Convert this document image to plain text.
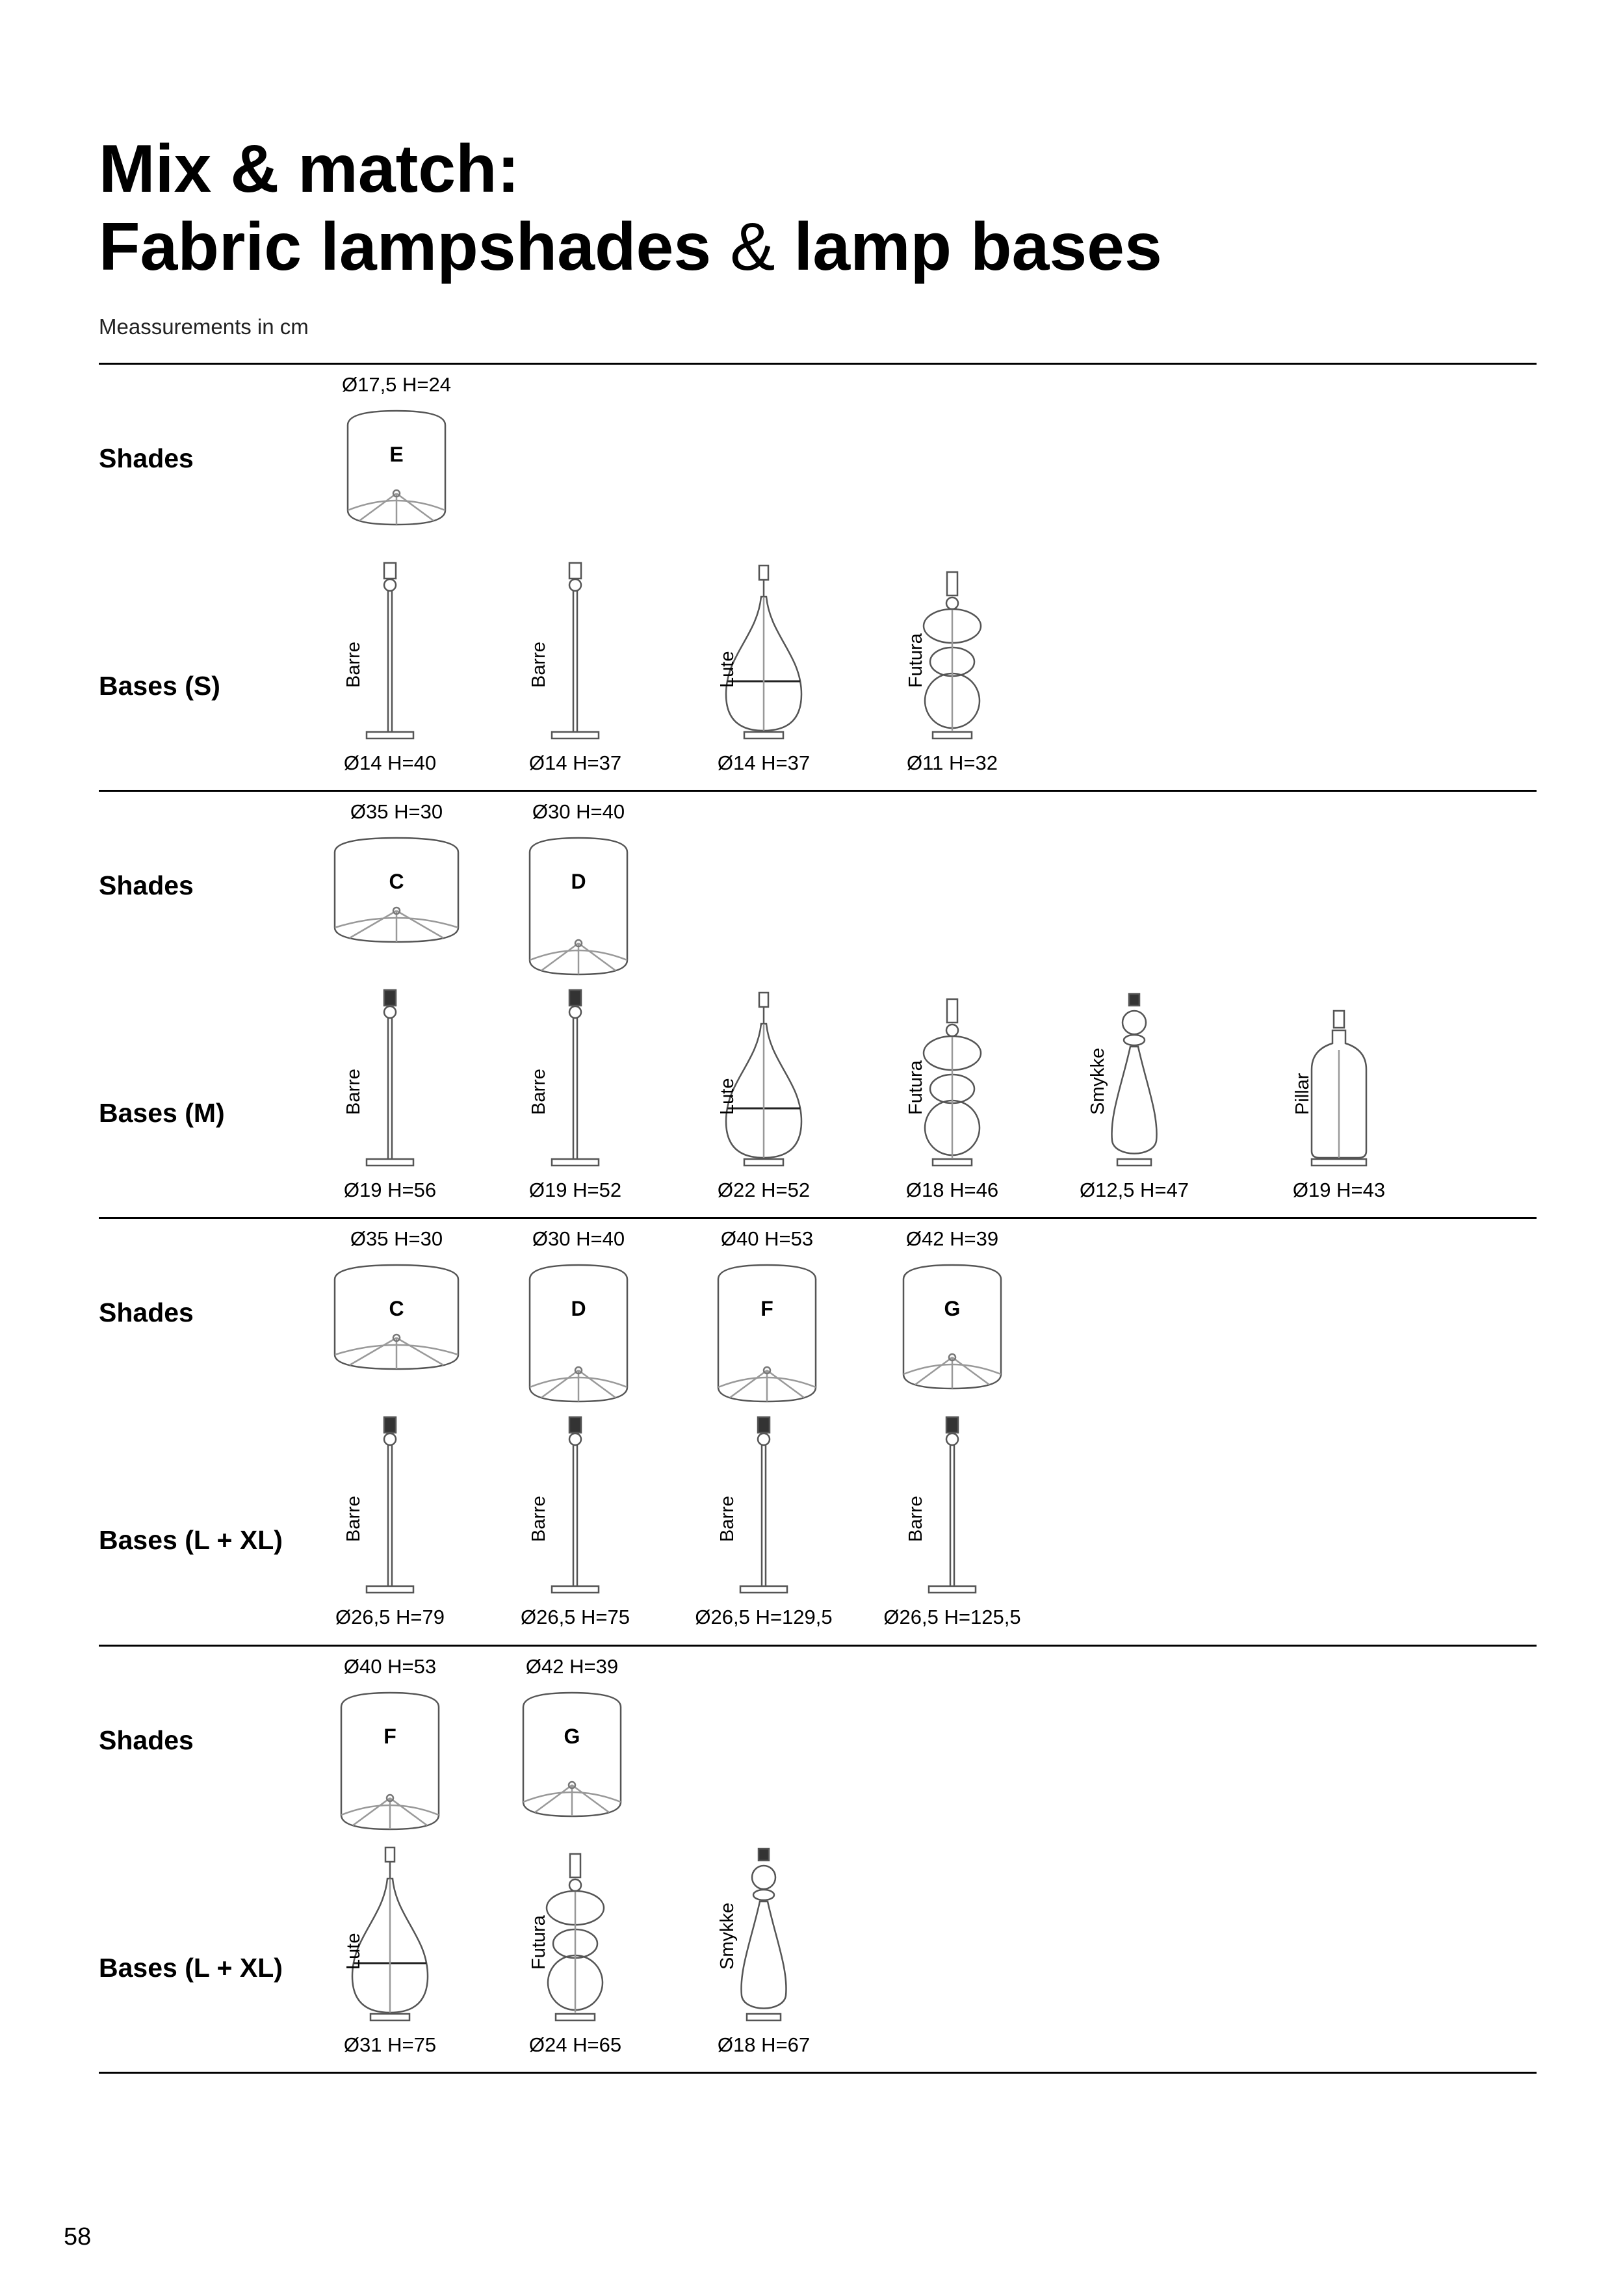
Mix & match:
Fabric lampshades & lamp bases
Meassurements in cm
Shades
Bases (S)
Ø17,5 H=24
E
Ø14 H=40
Barre
Ø14 H=37
Barre
Ø14 H=37
Lute
Ø11 H=32
Futura
Shades
Bases (M)
Ø35 H=30
C
Ø30 H=40
D
Ø19 H=56
Barre
Ø19 H=52
Barre
Ø22 H=52
Lute
Ø18 H=46
Futura
Ø12,5 H=47
Smykke
Ø19 H=43
Pillar
Shades
Bases (L + XL)
Ø35 H=30
C
Ø30 H=40
D
Ø40 H=53
F
Ø42 H=39
G
Ø26,5 H=79
Barre
Ø26,5 H=75
Barre
Ø26,5 H=129,5
Barre
Ø26,5 H=125,5
Barre
Shades
Bases (L + XL)
Ø40 H=53
F
Ø42 H=39
G
Ø31 H=75
Lute
Ø24 H=65
Futura
Ø18 H=67
Smykke
58
